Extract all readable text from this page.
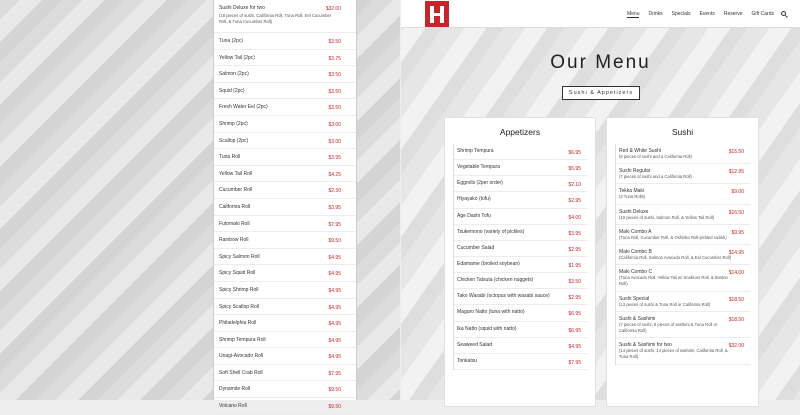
Sushi Deluxe for two	$32.00
(18 pieces of sushi, California Roll, Tuna Roll, Eel Cucumber Roll, & Tuna Cucumber Roll)
Tuna (2pc)	$3.50
Yellow Tail (2pc)	$3.75
Salmon (2pc)	$3.50
Squid (2pc)	$3.50
Fresh Water Eel (2pc)	$3.50
Shrimp (2pc)	$3.00
Scallop (2pc)	$3.00
Tuna Roll	$3.95
Yellow Tail Roll	$4.25
Cucumber Roll	$2.30
California Roll	$3.95
Futomaki Roll	$7.95
Rainbow Roll	$9.50
Spicy Salmon Roll	$4.95
Spicy Squid Roll	$4.95
Spicy Shrimp Roll	$4.95
Spicy Scallop Roll	$4.95
Philadelphia Roll	$4.95
Shrimp Tempura Roll	$4.95
Unagi-Avocado Roll	$4.95
Soft Shell Crab Roll	$7.95
Dynamite Roll	$9.50
Volcano Roll	$9.50
Menu Drinks Specials Events Reserve Gift Cards
Our Menu
Sushi & Appetizers
Appetizers
Shrimp Tempura	$6.95
Vegetable Tempura	$5.95
Eggrolls (2per order)	$2.10
Hiyayako (tofu)	$2.95
Age Dashi Tofu	$4.00
Tsukemono (variety of pickles)	$3.95
Cucumber Salad	$2.95
Edamame (broiled soybean)	$1.95
Chicken Tatsuta (chicken nuggets)	$3.50
Tako Wasabi (octopus with wasabi sauce)	$2.95
Maguro Natto (tuna with natto)	$6.95
Ika Natto (squid with natto)	$6.95
Seaweed Salad	$4.95
Tonkatsu	$7.95
Sushi
Red & White Sushi	$15.50
(8 pieces of sushi and a California Roll)
Sushi Regular	$12.95
(7 pieces of sushi and a California Roll)
Tekka Maki	$9.00
(3 Tuna Rolls)
Sushi Deluxe	$16.50
(10 pieces of sushi, Salmon Roll, & Yellow Tail Roll)
Maki Combo A	$9.95
(Tuna Roll, Cucumber Roll, & Oshinko Roll-pickled radish)
Maki Combo B	$14.95
(California Roll, Salmon Avocado Roll, & Eel Cucumber Roll)
Maki Combo C	$14.00
(Tuna Avocado Roll, Yellow Tail w/ Scallions Roll, & Boston Roll)
Sushi Special	$18.50
(13 pieces of sushi & Tuna Roll or California Roll)
Sushi & Sashimi	$18.50
(7 pieces of sushi, 8 pieces of sashimi & Tuna Roll or California Roll)
Sushi & Sashimi for two	$32.00
(14 pieces of sushi, 14 pieces of sashimi, California Roll, & Tuna Roll)
